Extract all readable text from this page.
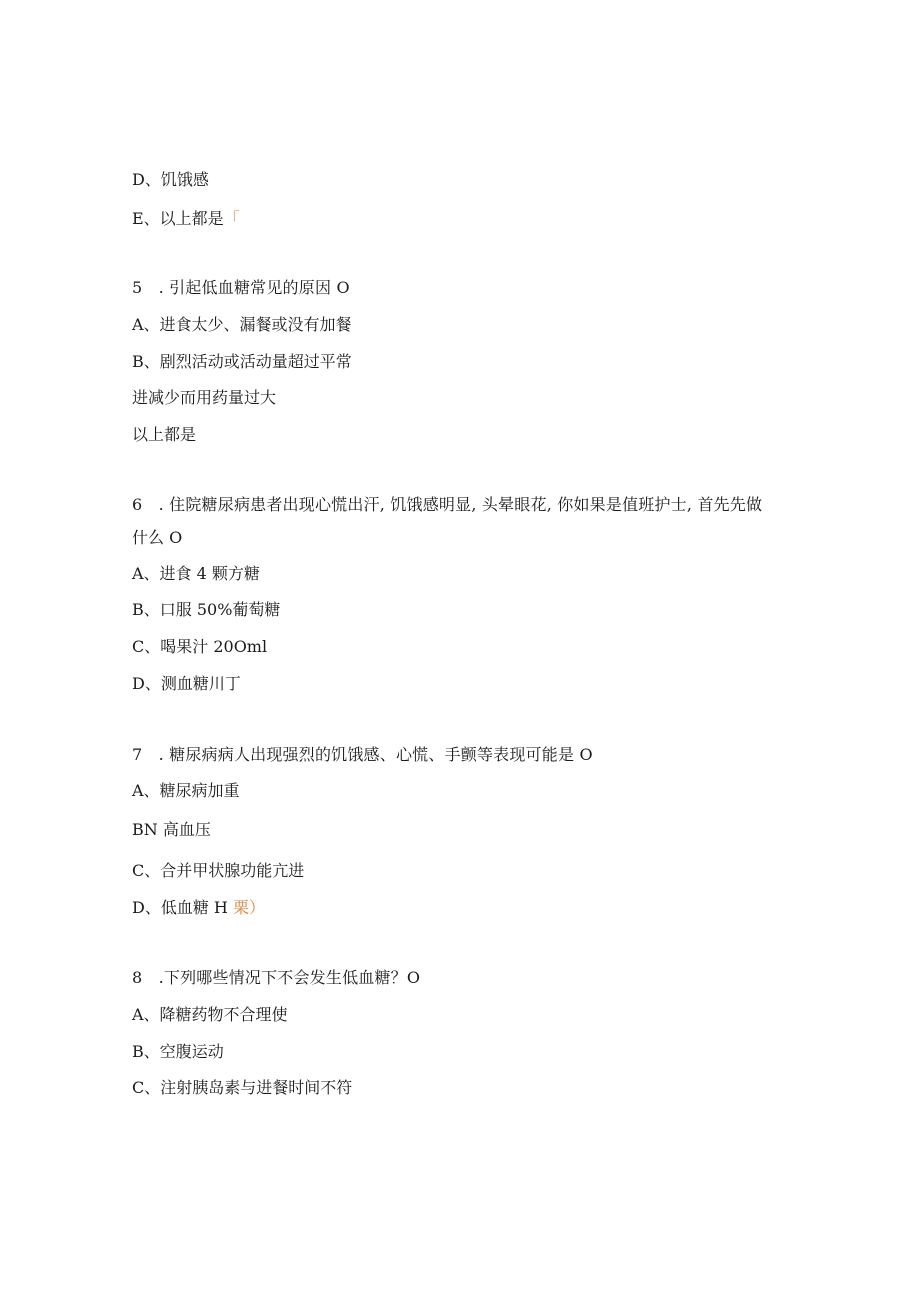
D、饥饿感
E、以上都是「
5　. 引起低血糖常见的原因 O
A、进食太少、漏餐或没有加餐
B、剧烈活动或活动量超过平常
进减少而用药量过大
以上都是
6　. 住院糖尿病患者出现心慌出汗, 饥饿感明显, 头晕眼花, 你如果是值班护士, 首先先做
什么 O
A、进食 4 颗方糖
B、口服 50%葡萄糖
C、喝果汁 20Oml
D、测血糖川丁
7　. 糖尿病病人出现强烈的饥饿感、心慌、手颤等表现可能是 O
A、糖尿病加重
BN 高血压
C、合并甲状腺功能亢进
D、低血糖 H 栗）
8　.下列哪些情况下不会发生低血糖？O
A、降糖药物不合理使
B、空腹运动
C、注射胰岛素与进餐时间不符
